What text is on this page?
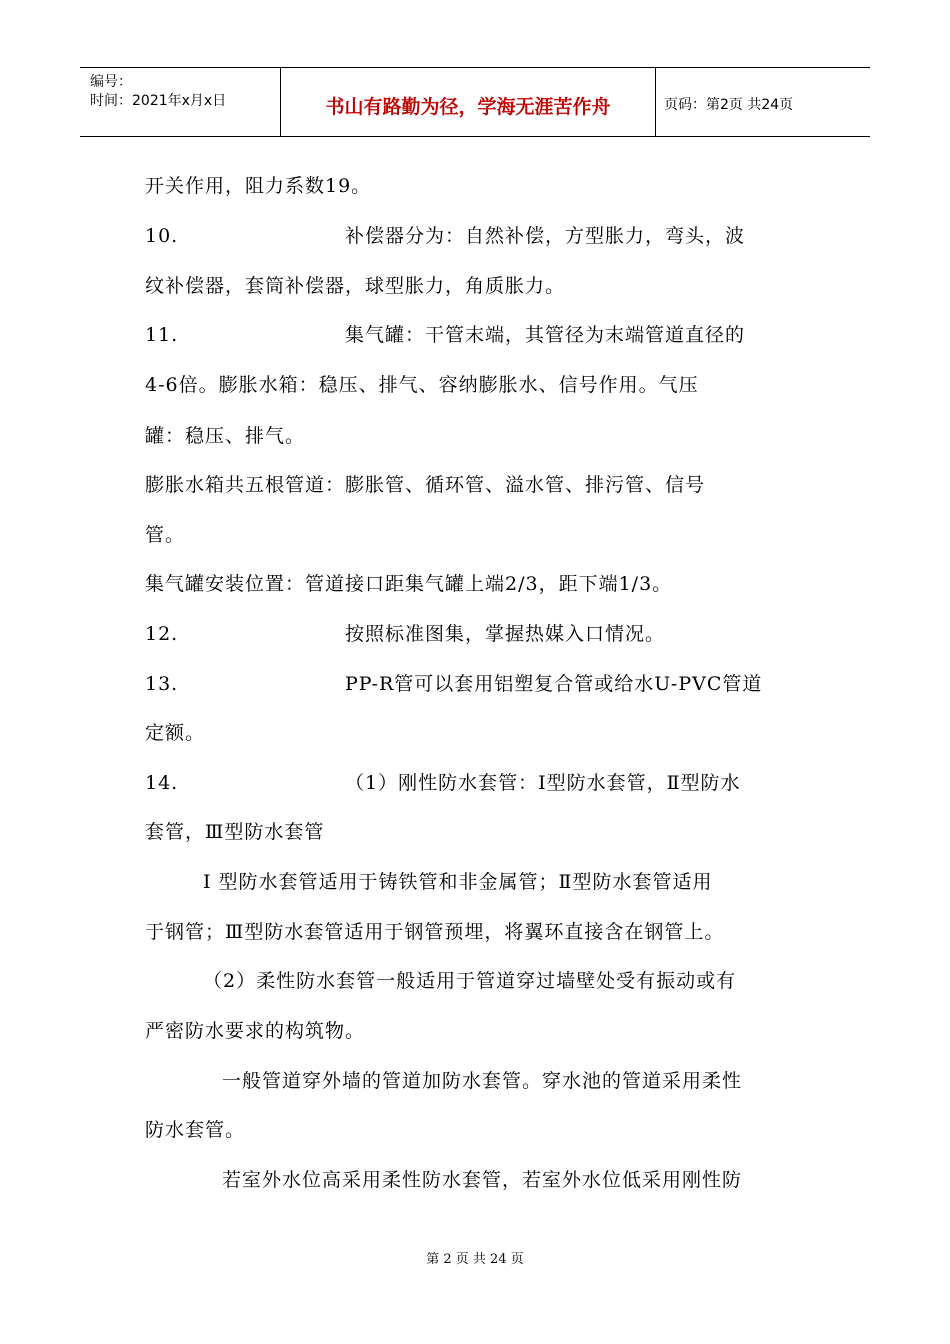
编号：
时间：2021年x月x日	书山有路勤为径，学海无涯苦作舟	页码：第2页 共24页
开关作用，阻力系数19。
10.	补偿器分为：自然补偿，方型胀力，弯头，波
纹补偿器，套筒补偿器，球型胀力，角质胀力。
11.	集气罐：干管末端，其管径为末端管道直径的
4-6倍。膨胀水箱：稳压、排气、容纳膨胀水、信号作用。气压
罐：稳压、排气。
膨胀水箱共五根管道：膨胀管、循环管、溢水管、排污管、信号
管。
集气罐安装位置：管道接口距集气罐上端2/3，距下端1/3。
12.	按照标准图集，掌握热媒入口情况。
13.	PP-R管可以套用铝塑复合管或给水U-PVC管道
定额。
14.	（1）刚性防水套管：Ⅰ型防水套管，Ⅱ型防水
套管，Ⅲ型防水套管
Ⅰ 型防水套管适用于铸铁管和非金属管；Ⅱ型防水套管适用
于钢管；Ⅲ型防水套管适用于钢管预埋，将翼环直接含在钢管上。
（2）柔性防水套管一般适用于管道穿过墙壁处受有振动或有
严密防水要求的构筑物。
一般管道穿外墙的管道加防水套管。穿水池的管道采用柔性
防水套管。
若室外水位高采用柔性防水套管，若室外水位低采用刚性防
第 2 页 共 24 页
